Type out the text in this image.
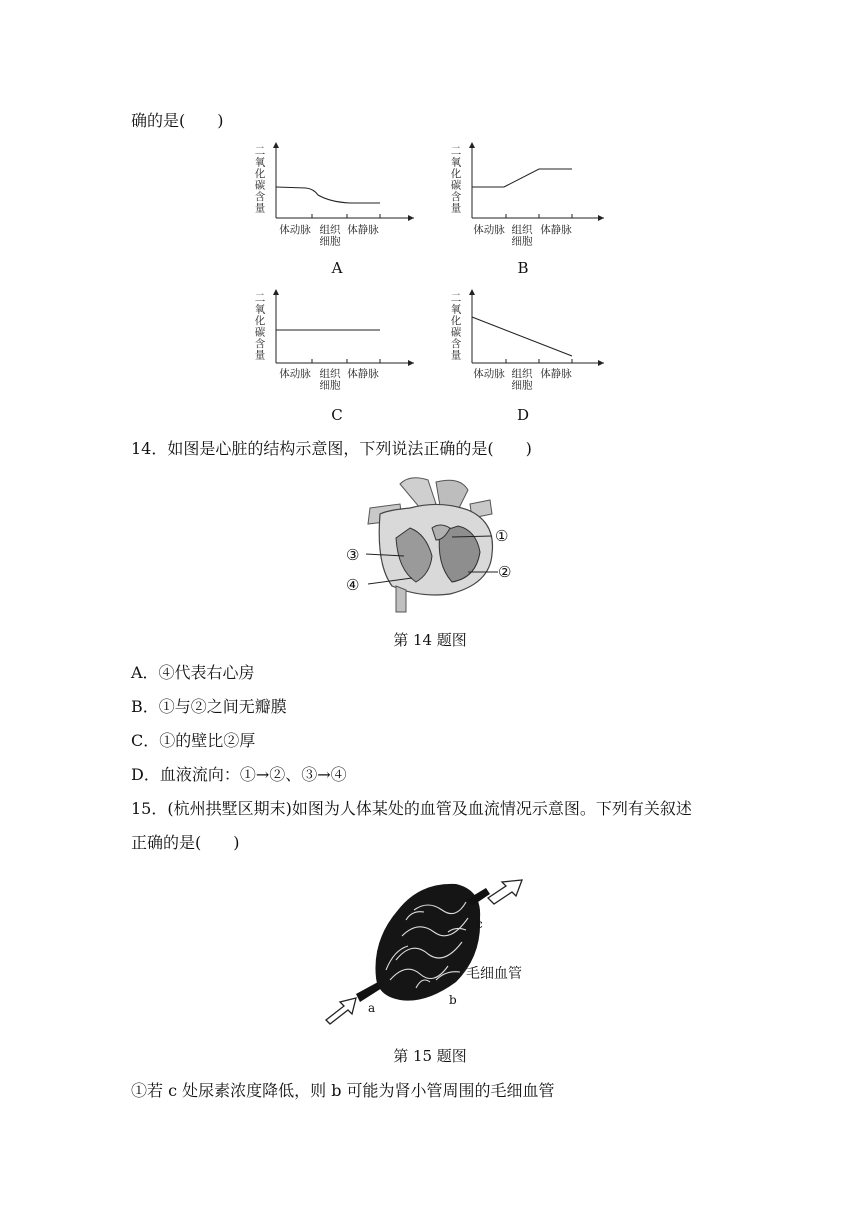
确的是(　　)
二氧化碳含量
体动脉 组织细胞
体静脉
A
二氧化碳含量
体动脉 组织细胞
体静脉
B
二氧化碳含量
体动脉 组织细胞
体静脉
C
二氧化碳含量
体动脉 组织细胞
体静脉
D
14．如图是心脏的结构示意图，下列说法正确的是(　　)
①
②
③
④
第 14 题图
A．④代表右心房
B．①与②之间无瓣膜
C．①的壁比②厚
D．血液流向：①→②、③→④
15．(杭州拱墅区期末)如图为人体某处的血管及血流情况示意图。下列有关叙述
正确的是(　　)
a
b
c
毛细血管
第 15 题图
①若 c 处尿素浓度降低，则 b 可能为肾小管周围的毛细血管
